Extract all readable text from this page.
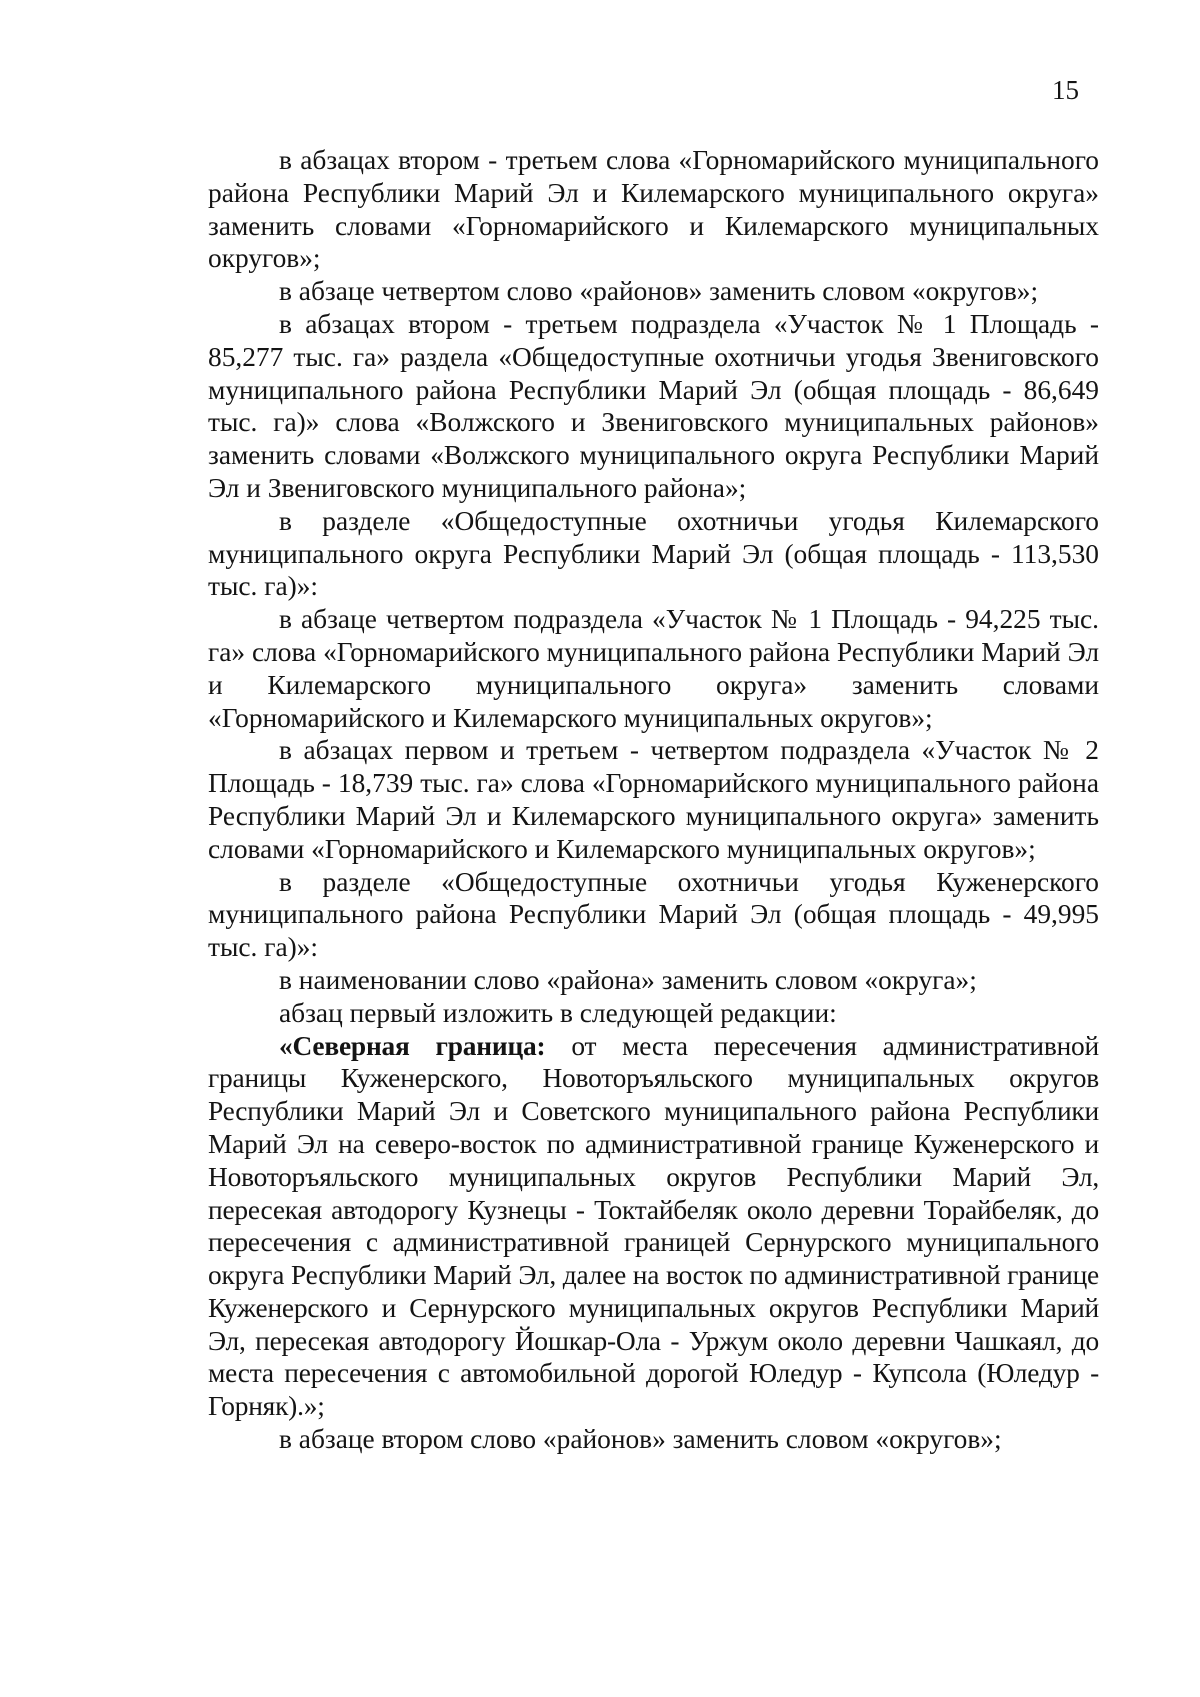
15

в абзацах втором - третьем слова «Горномарийского муниципального района Республики Марий Эл и Килемарского муниципального округа» заменить словами «Горномарийского и Килемарского муниципальных округов»;

в абзаце четвертом слово «районов» заменить словом «округов»;

в абзацах втором - третьем подраздела «Участок № 1 Площадь - 85,277 тыс. га» раздела «Общедоступные охотничьи угодья Звениговского муниципального района Республики Марий Эл (общая площадь - 86,649 тыс. га)» слова «Волжского и Звениговского муниципальных районов» заменить словами «Волжского муниципального округа Республики Марий Эл и Звениговского муниципального района»;

в разделе «Общедоступные охотничьи угодья Килемарского муниципального округа Республики Марий Эл (общая площадь - 113,530 тыс. га)»:

в абзаце четвертом подраздела «Участок № 1 Площадь - 94,225 тыс. га» слова «Горномарийского муниципального района Республики Марий Эл и Килемарского муниципального округа» заменить словами «Горномарийского и Килемарского муниципальных округов»;

в абзацах первом и третьем - четвертом подраздела «Участок № 2 Площадь - 18,739 тыс. га» слова «Горномарийского муниципального района Республики Марий Эл и Килемарского муниципального округа» заменить словами «Горномарийского и Килемарского муниципальных округов»;

в разделе «Общедоступные охотничьи угодья Куженерского муниципального района Республики Марий Эл (общая площадь - 49,995 тыс. га)»:

в наименовании слово «района» заменить словом «округа»;

абзац первый изложить в следующей редакции:

«Северная граница: от места пересечения административной границы Куженерского, Новоторъяльского муниципальных округов Республики Марий Эл и Советского муниципального района Республики Марий Эл на северо-восток по административной границе Куженерского и Новоторъяльского муниципальных округов Республики Марий Эл, пересекая автодорогу Кузнецы - Токтайбеляк около деревни Торайбеляк, до пересечения с административной границей Сернурского муниципального округа Республики Марий Эл, далее на восток по административной границе Куженерского и Сернурского муниципальных округов Республики Марий Эл, пересекая автодорогу Йошкар-Ола - Уржум около деревни Чашкаял, до места пересечения с автомобильной дорогой Юледур - Купсола (Юледур - Горняк).»;

в абзаце втором слово «районов» заменить словом «округов»;
